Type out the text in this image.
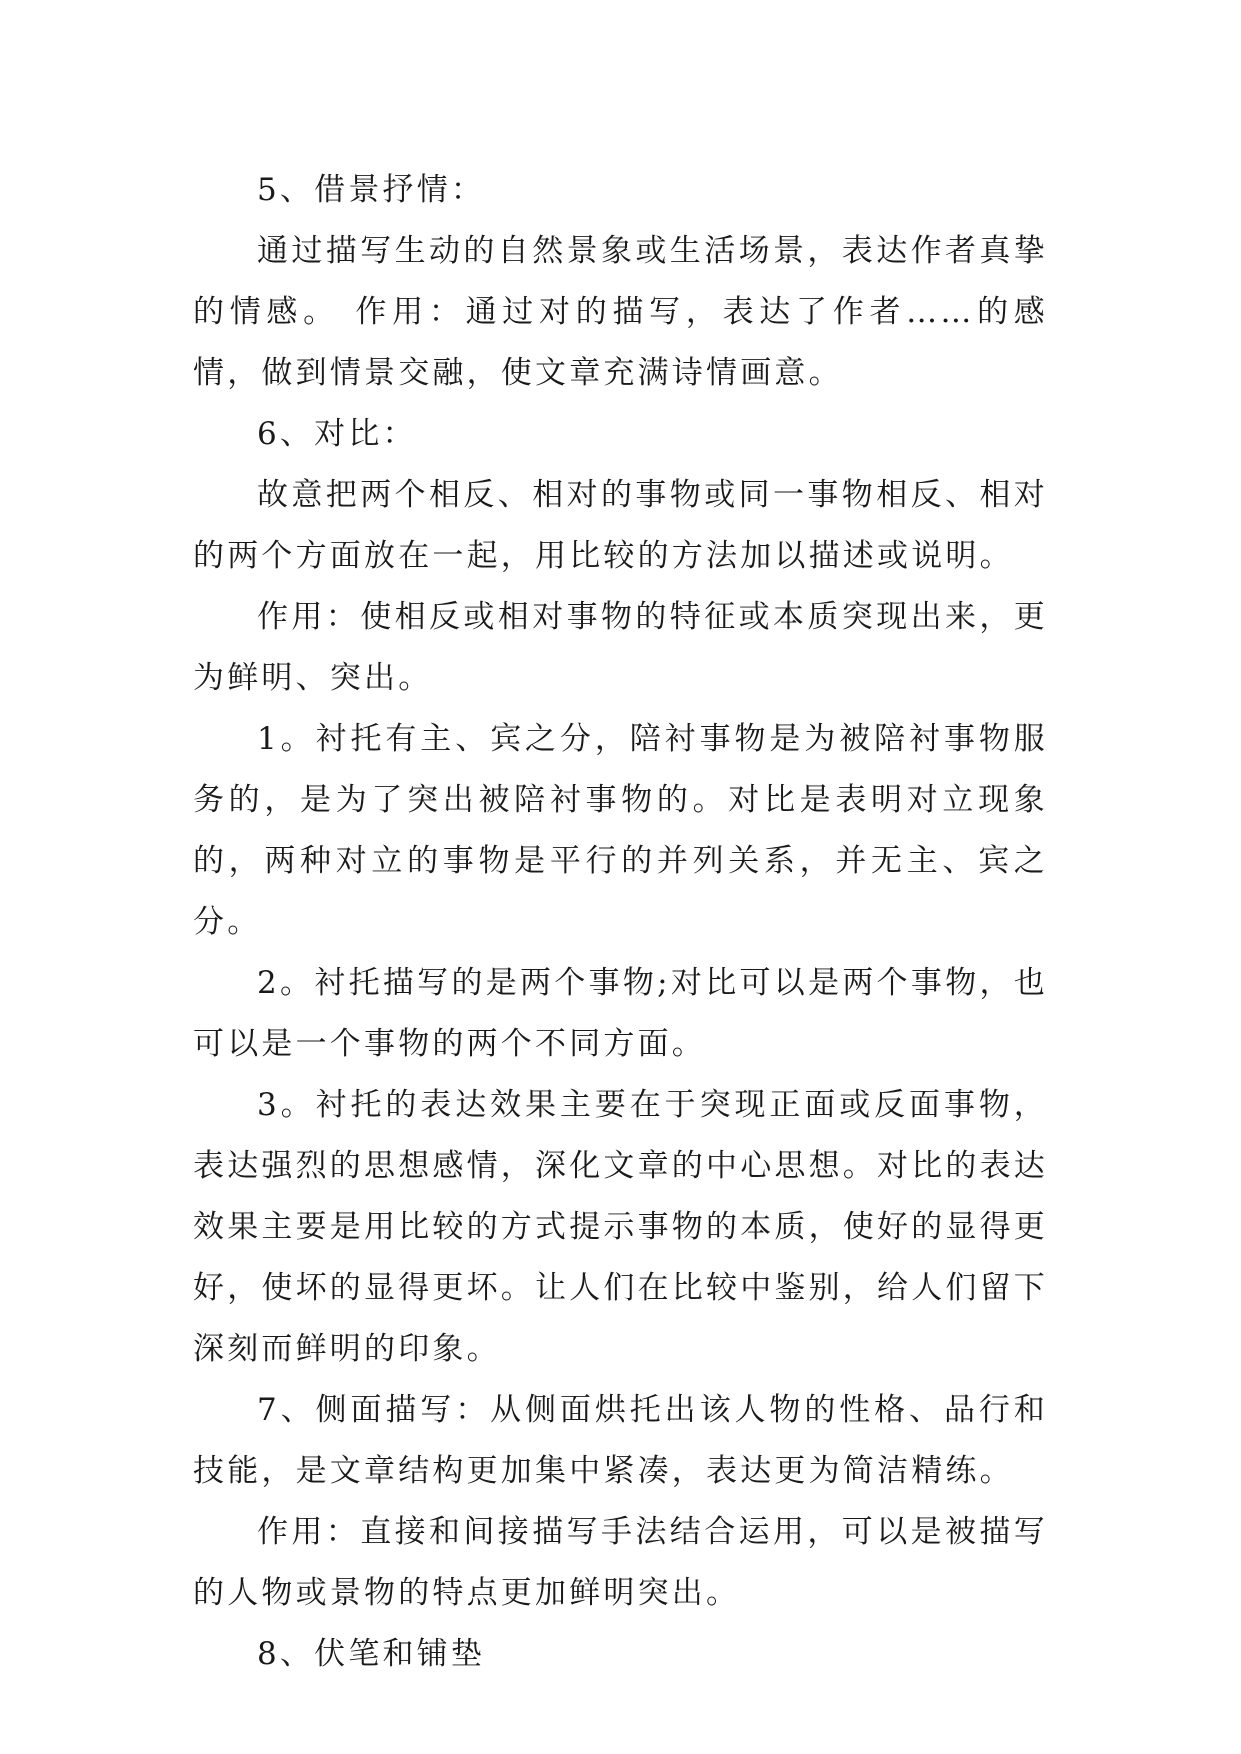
5、借景抒情：

通过描写生动的自然景象或生活场景，表达作者真挚的情感。 作用：通过对的描写，表达了作者……的感情，做到情景交融，使文章充满诗情画意。

6、对比：

故意把两个相反、相对的事物或同一事物相反、相对的两个方面放在一起，用比较的方法加以描述或说明。

作用：使相反或相对事物的特征或本质突现出来，更为鲜明、突出。

1。衬托有主、宾之分，陪衬事物是为被陪衬事物服务的，是为了突出被陪衬事物的。对比是表明对立现象的，两种对立的事物是平行的并列关系，并无主、宾之分。

2。衬托描写的是两个事物;对比可以是两个事物，也可以是一个事物的两个不同方面。

3。衬托的表达效果主要在于突现正面或反面事物，表达强烈的思想感情，深化文章的中心思想。对比的表达效果主要是用比较的方式提示事物的本质，使好的显得更好，使坏的显得更坏。让人们在比较中鉴别，给人们留下深刻而鲜明的印象。

7、侧面描写：从侧面烘托出该人物的性格、品行和技能，是文章结构更加集中紧凑，表达更为简洁精练。

作用：直接和间接描写手法结合运用，可以是被描写的人物或景物的特点更加鲜明突出。

8、伏笔和铺垫
